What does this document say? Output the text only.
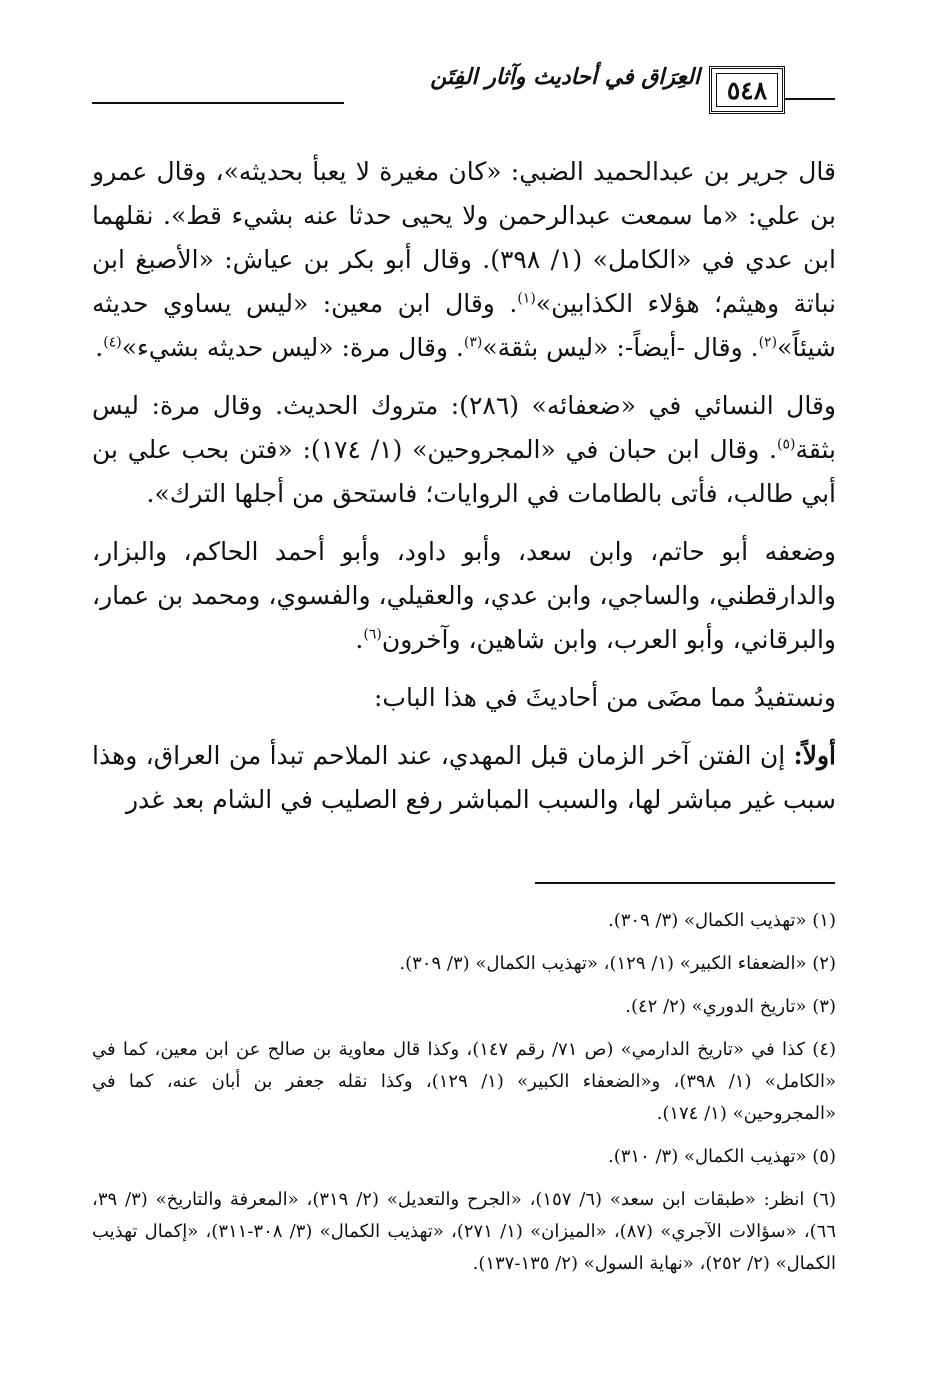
٥٤٨
العِرَاق في أحاديث وآثار الفِتَن

قال جرير بن عبدالحميد الضبي: «كان مغيرة لا يعبأ بحديثه»، وقال عمرو بن علي: «ما سمعت عبدالرحمن ولا يحيى حدثا عنه بشيء قط». نقلهما ابن عدي في «الكامل» (١/ ٣٩٨). وقال أبو بكر بن عياش: «الأصبغ ابن نباتة وهيثم؛ هؤلاء الكذابين»$^{(١)}$. وقال ابن معين: «ليس يساوي حديثه شيئاً»$^{(٢)}$. وقال -أيضاً-: «ليس بثقة»$^{(٣)}$. وقال مرة: «ليس حديثه بشيء»$^{(٤)}$.

وقال النسائي في «ضعفائه» (٢٨٦): متروك الحديث. وقال مرة: ليس بثقة$^{(٥)}$. وقال ابن حبان في «المجروحين» (١/ ١٧٤): «فتن بحب علي بن أبي طالب، فأتى بالطامات في الروايات؛ فاستحق من أجلها الترك».

وضعفه أبو حاتم، وابن سعد، وأبو داود، وأبو أحمد الحاكم، والبزار، والدارقطني، والساجي، وابن عدي، والعقيلي، والفسوي، ومحمد بن عمار، والبرقاني، وأبو العرب، وابن شاهين، وآخرون$^{(٦)}$.

ونستفيدُ مما مضَى من أحاديثَ في هذا الباب:

أولاً: إن الفتن آخر الزمان قبل المهدي، عند الملاحم تبدأ من العراق، وهذا سبب غير مباشر لها، والسبب المباشر رفع الصليب في الشام بعد غدر

(١) «تهذيب الكمال» (٣/ ٣٠٩).

(٢) «الضعفاء الكبير» (١/ ١٢٩)، «تهذيب الكمال» (٣/ ٣٠٩).

(٣) «تاريخ الدوري» (٢/ ٤٢).

(٤) كذا في «تاريخ الدارمي» (ص ٧١/ رقم ١٤٧)، وكذا قال معاوية بن صالح عن ابن معين، كما في «الكامل» (١/ ٣٩٨)، و«الضعفاء الكبير» (١/ ١٢٩)، وكذا نقله جعفر بن أبان عنه، كما في «المجروحين» (١/ ١٧٤).

(٥) «تهذيب الكمال» (٣/ ٣١٠).

(٦) انظر: «طبقات ابن سعد» (٦/ ١٥٧)، «الجرح والتعديل» (٢/ ٣١٩)، «المعرفة والتاريخ» (٣/ ٣٩، ٦٦)، «سؤالات الآجري» (٨٧)، «الميزان» (١/ ٢٧١)، «تهذيب الكمال» (٣/ ٣٠٨-٣١١)، «إكمال تهذيب الكمال» (٢/ ٢٥٢)، «نهاية السول» (٢/ ١٣٥-١٣٧).
